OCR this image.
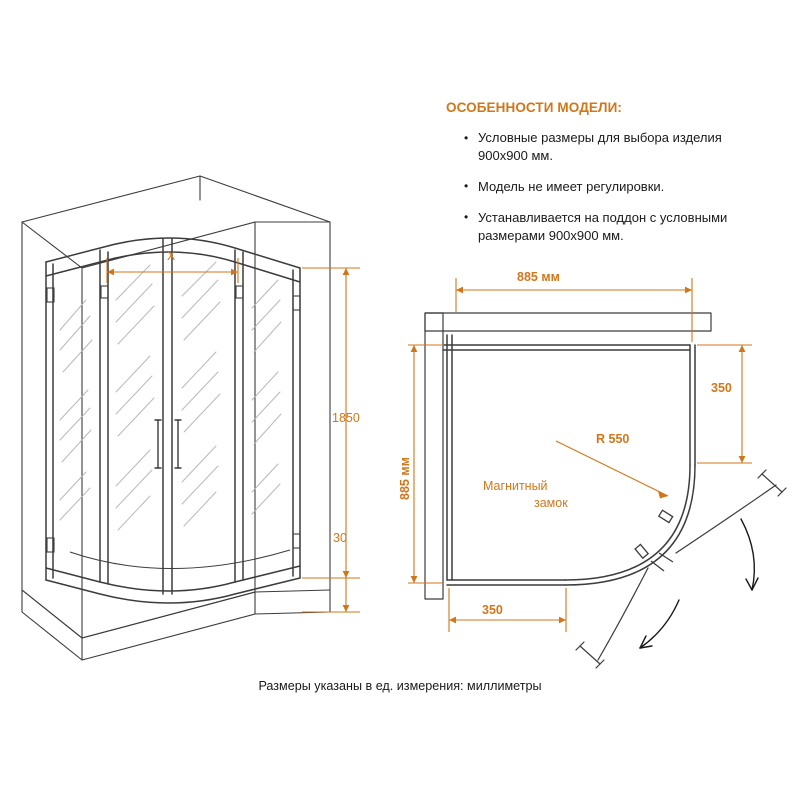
X
1850
30
885 мм
885 мм
350
350
R 550
Магнитный
замок
ОСОБЕННОСТИ МОДЕЛИ:
• Условные размеры для выбора изделия 900x900 мм.
• Модель не имеет регулировки.
• Устанавливается на поддон с условными размерами 900x900 мм.
Размеры указаны в ед. измерения: миллиметры
